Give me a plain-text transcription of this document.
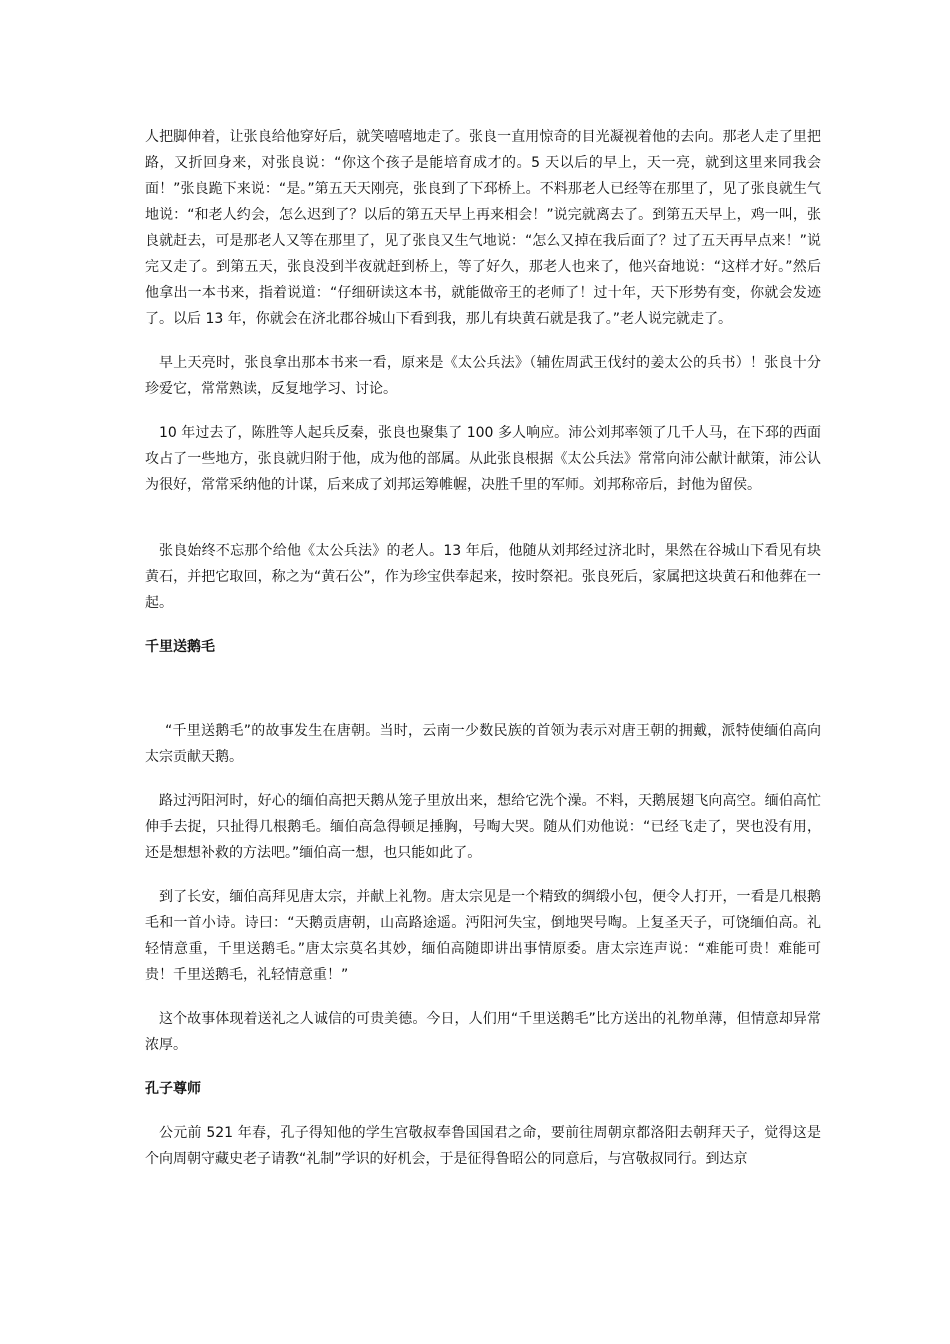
人把脚伸着，让张良给他穿好后，就笑嘻嘻地走了。张良一直用惊奇的目光凝视着他的去向。那老人走了里把路，又折回身来，对张良说：“你这个孩子是能培育成才的。5 天以后的早上，天一亮，就到这里来同我会面！”张良跪下来说：“是。”第五天天刚亮，张良到了下邳桥上。不料那老人已经等在那里了，见了张良就生气地说：“和老人约会，怎么迟到了？以后的第五天早上再来相会！”说完就离去了。到第五天早上，鸡一叫，张良就赶去，可是那老人又等在那里了，见了张良又生气地说：“怎么又掉在我后面了？过了五天再早点来！”说完又走了。到第五天，张良没到半夜就赶到桥上，等了好久，那老人也来了，他兴奋地说：“这样才好。”然后他拿出一本书来，指着说道：“仔细研读这本书，就能做帝王的老师了！过十年，天下形势有变，你就会发迹了。以后 13 年，你就会在济北郡谷城山下看到我，那儿有块黄石就是我了。”老人说完就走了。

早上天亮时，张良拿出那本书来一看，原来是《太公兵法》（辅佐周武王伐纣的姜太公的兵书）！张良十分珍爱它，常常熟读，反复地学习、讨论。

10 年过去了，陈胜等人起兵反秦，张良也聚集了 100 多人响应。沛公刘邦率领了几千人马，在下邳的西面攻占了一些地方，张良就归附于他，成为他的部属。从此张良根据《太公兵法》常常向沛公献计献策，沛公认为很好，常常采纳他的计谋，后来成了刘邦运筹帷幄，决胜千里的军师。刘邦称帝后，封他为留侯。

张良始终不忘那个给他《太公兵法》的老人。13 年后，他随从刘邦经过济北时，果然在谷城山下看见有块黄石，并把它取回，称之为“黄石公”，作为珍宝供奉起来，按时祭祀。张良死后，家属把这块黄石和他葬在一起。

千里送鹅毛

“千里送鹅毛”的故事发生在唐朝。当时，云南一少数民族的首领为表示对唐王朝的拥戴，派特使缅伯高向太宗贡献天鹅。

路过沔阳河时，好心的缅伯高把天鹅从笼子里放出来，想给它洗个澡。不料，天鹅展翅飞向高空。缅伯高忙伸手去捉，只扯得几根鹅毛。缅伯高急得顿足捶胸，号啕大哭。随从们劝他说：“已经飞走了，哭也没有用，还是想想补救的方法吧。”缅伯高一想，也只能如此了。

到了长安，缅伯高拜见唐太宗，并献上礼物。唐太宗见是一个精致的绸缎小包，便令人打开，一看是几根鹅毛和一首小诗。诗曰：“天鹅贡唐朝，山高路途遥。沔阳河失宝，倒地哭号啕。上复圣天子，可饶缅伯高。礼轻情意重，千里送鹅毛。”唐太宗莫名其妙，缅伯高随即讲出事情原委。唐太宗连声说：“难能可贵！难能可贵！千里送鹅毛，礼轻情意重！”

这个故事体现着送礼之人诚信的可贵美德。今日，人们用“千里送鹅毛”比方送出的礼物单薄，但情意却异常浓厚。

孔子尊师

公元前 521 年春，孔子得知他的学生宫敬叔奉鲁国国君之命，要前往周朝京都洛阳去朝拜天子，觉得这是个向周朝守藏史老子请教“礼制”学识的好机会，于是征得鲁昭公的同意后，与宫敬叔同行。到达京
